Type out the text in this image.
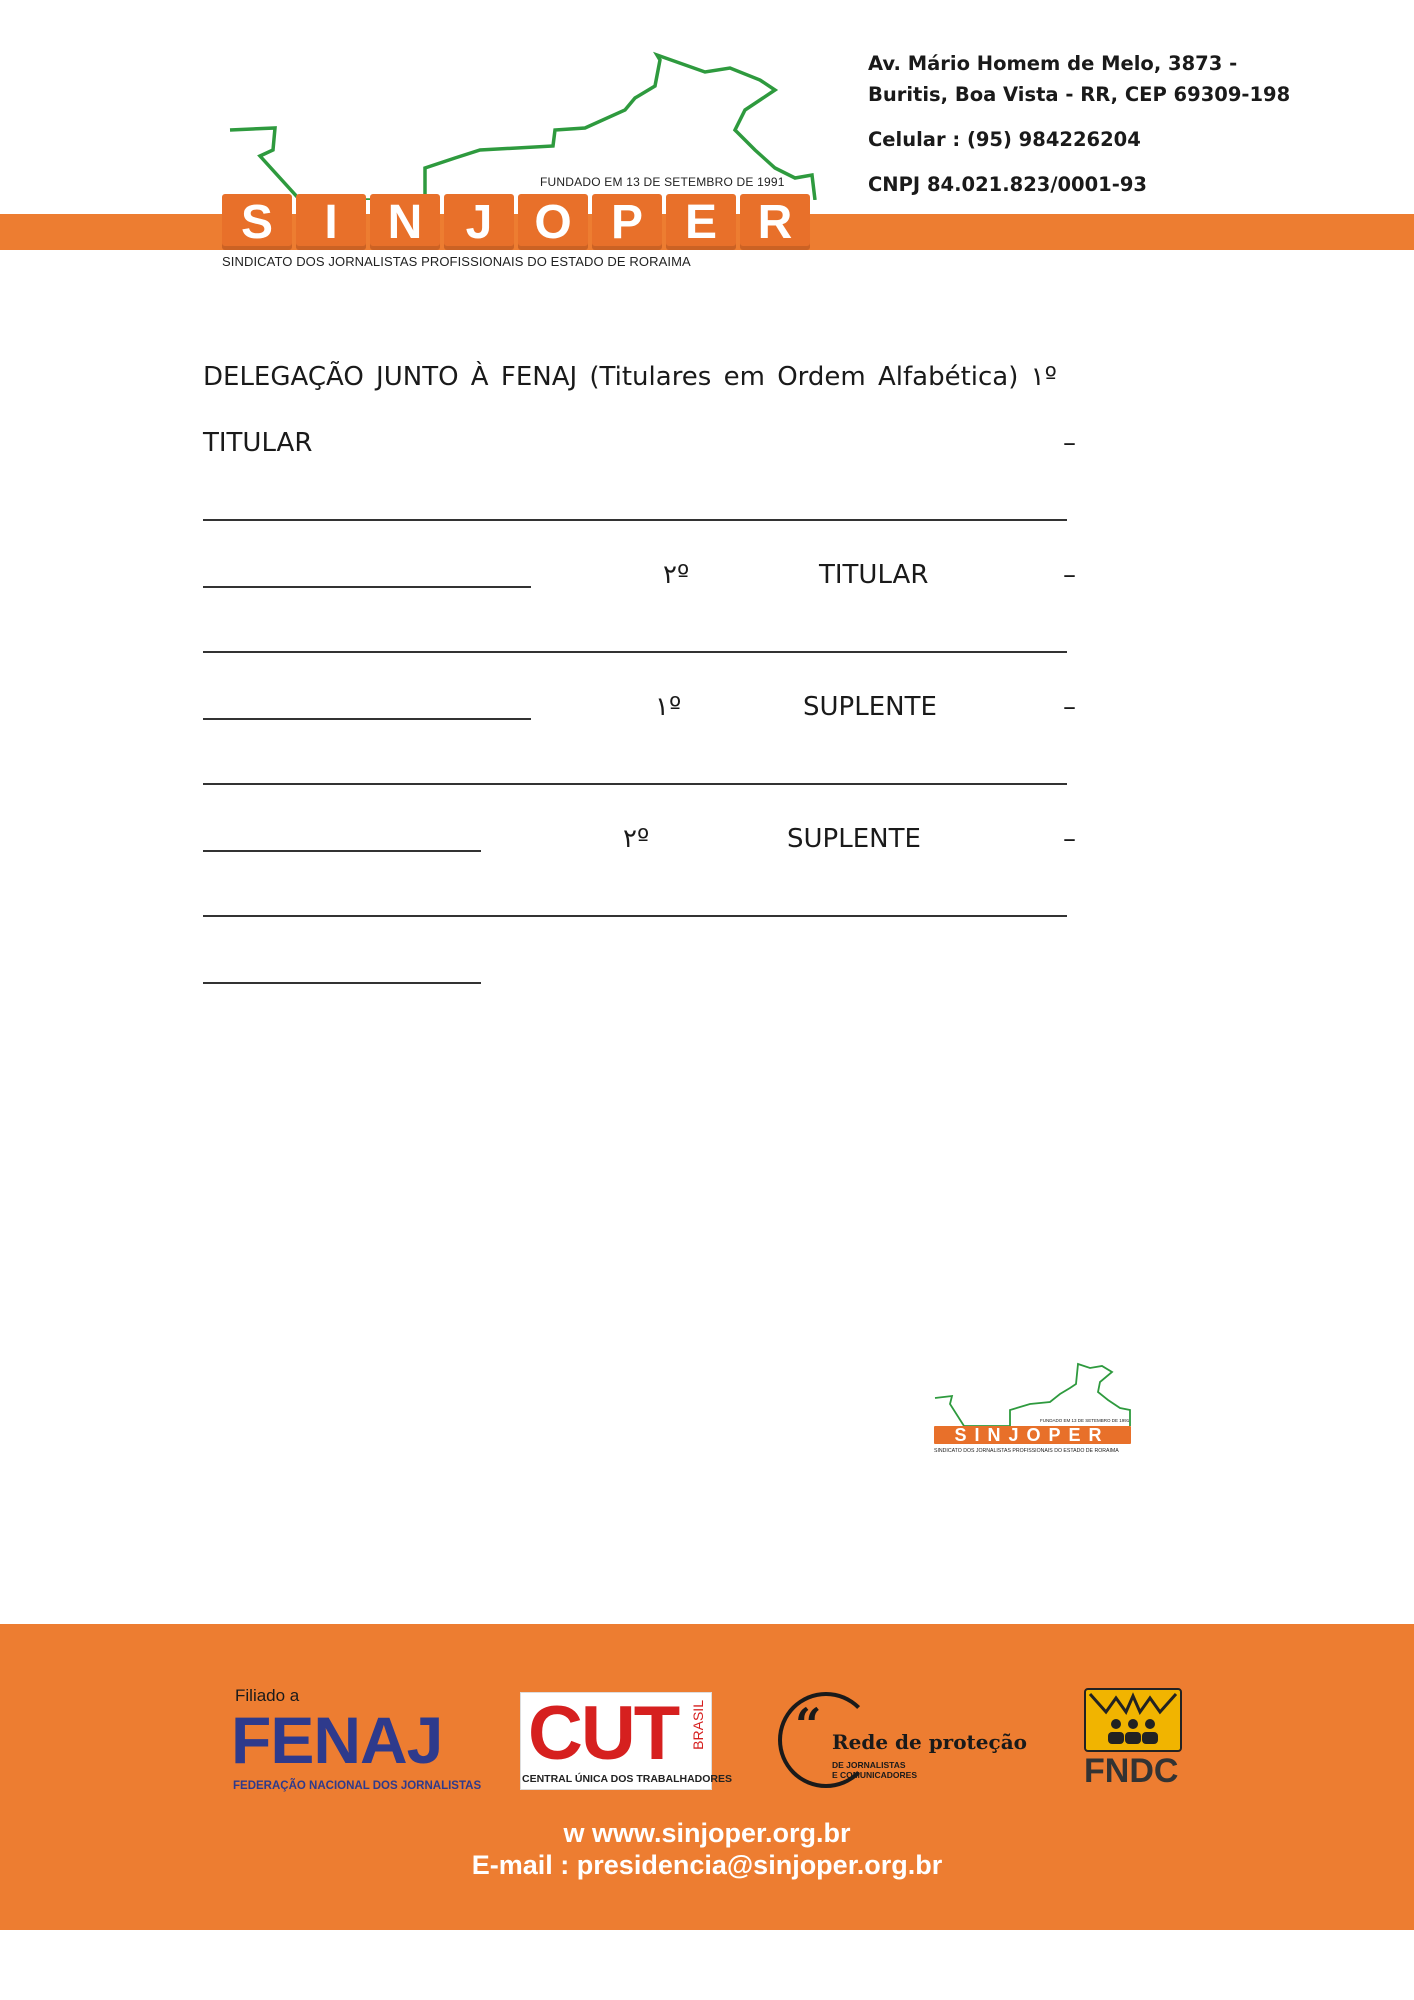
FUNDADO EM 13 DE SETEMBRO DE 1991
S	I	N J O P E R
SINDICATO DOS JORNALISTAS PROFISSIONAIS DO ESTADO DE RORAIMA
Av. Mário Homem de Melo, 3873 -
Buritis, Boa Vista - RR, CEP 69309-198
Celular : (95) 984226204
CNPJ 84.021.823/0001-93
DELEGAÇÃO JUNTO À FENAJ (Titulares em Ordem Alfabética) ۱º
TITULAR	–
۲º	TITULAR	–
۱º	SUPLENTE	–
۲º	SUPLENTE	–
FUNDADO EM 13 DE SETEMBRO DE 1991
SINJOPER
SINDICATO DOS JORNALISTAS PROFISSIONAIS DO ESTADO DE RORAIMA
Filiado a
FENAJ
FEDERAÇÃO NACIONAL DOS JORNALISTAS
CUT BRASIL
CENTRAL ÚNICA DOS TRABALHADORES
“ Rede de proteção
DE JORNALISTAS
E COMUNICADORES	FNDC
w www.sinjoper.org.br
E-mail : presidencia@sinjoper.org.br
